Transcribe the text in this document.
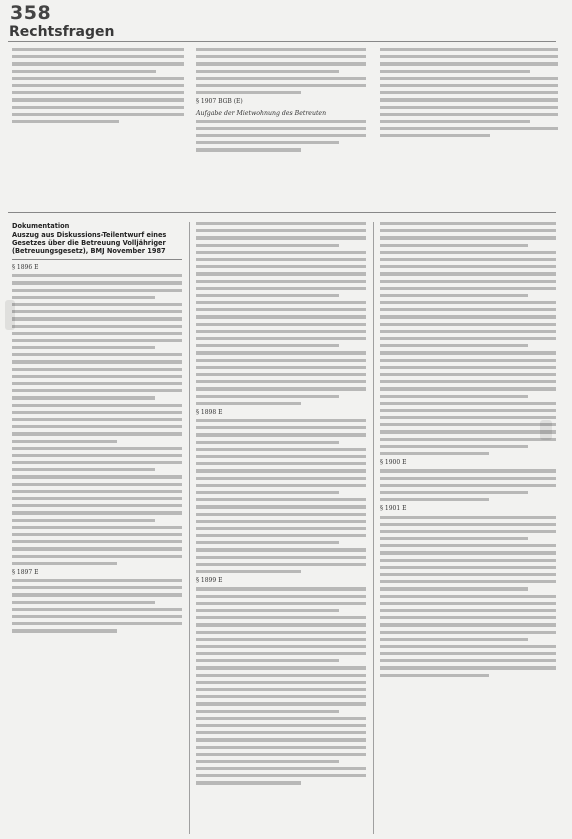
358
Rechtsfragen
§ 1907 BGB (E)
Aufgabe der Mietwohnung des Betreuten
Dokumentation
Auszug aus Diskussions-Teilentwurf eines Gesetzes über die Betreuung Volljähriger (Betreuungsgesetz), BMJ November 1987
§ 1896 E
§ 1897 E
§ 1898 E
§ 1899 E
§ 1900 E
§ 1901 E
